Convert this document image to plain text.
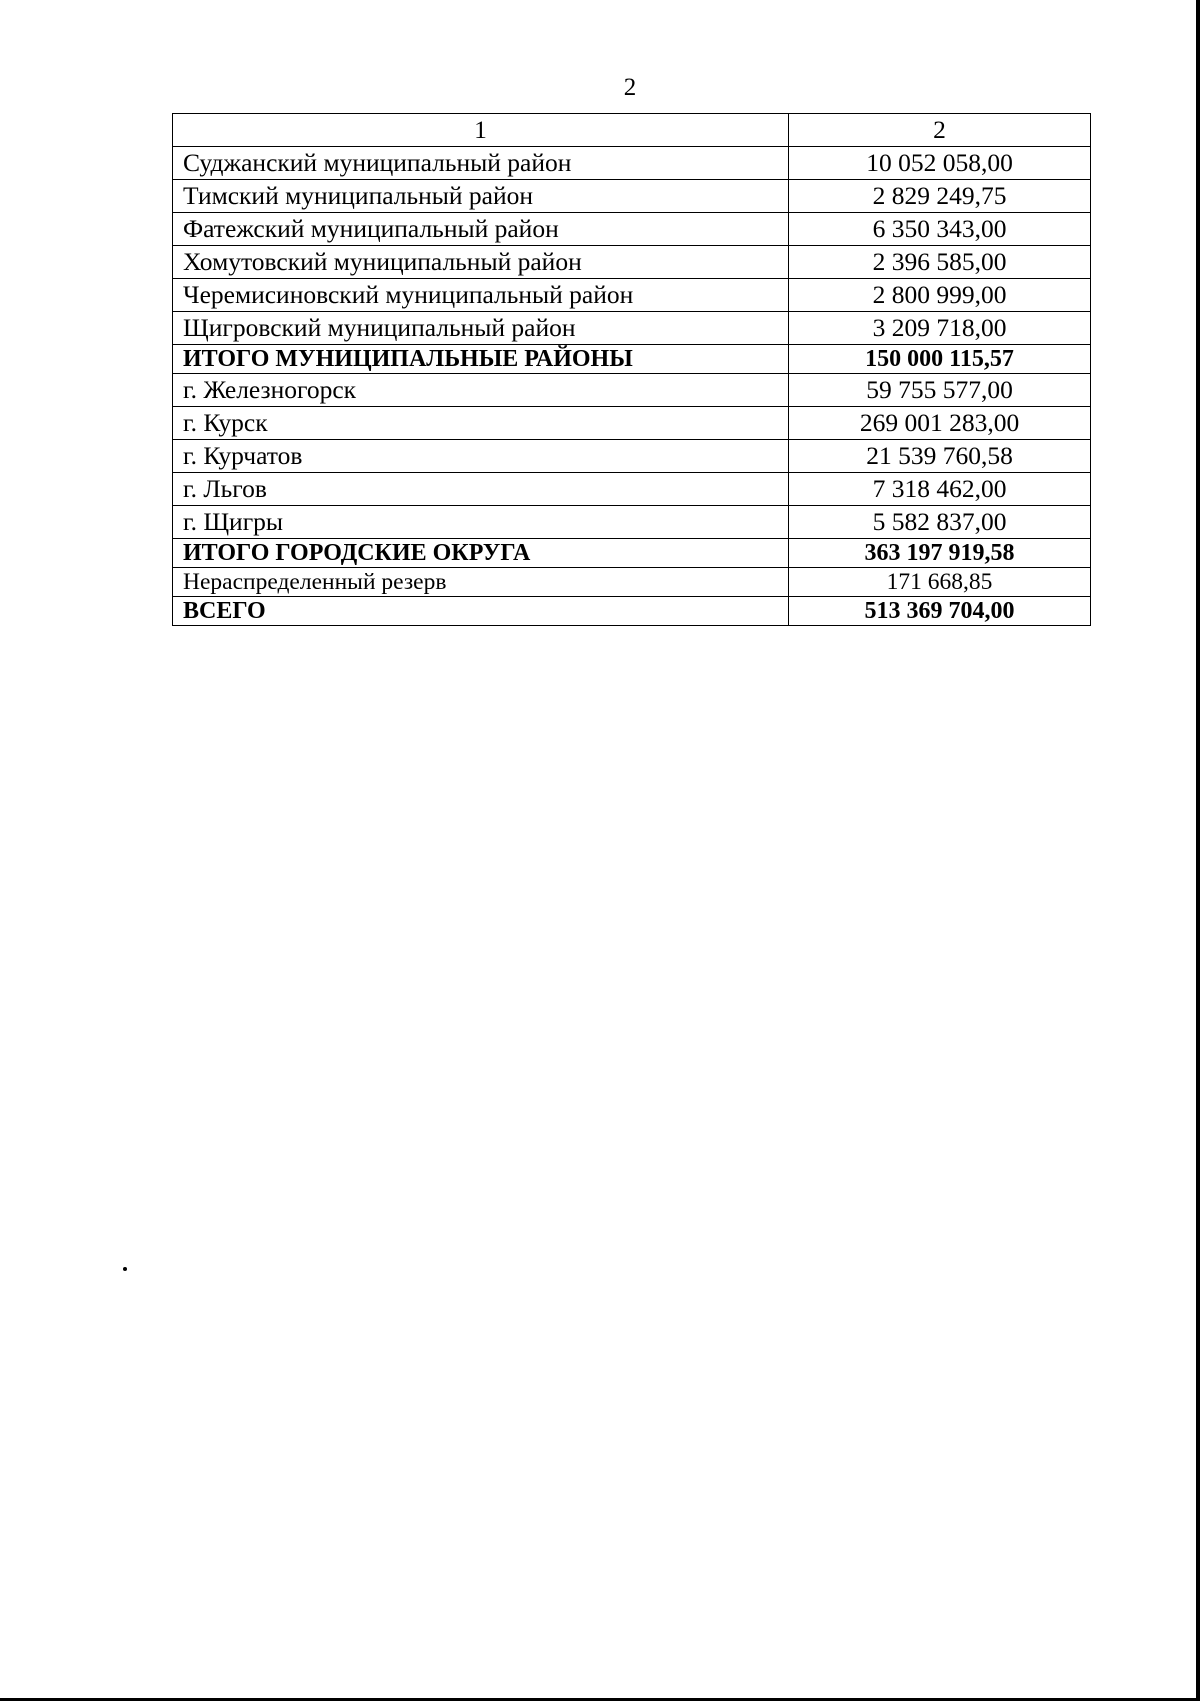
2
1	2
Суджанский муниципальный район	10 052 058,00
Тимский муниципальный район	2 829 249,75
Фатежский муниципальный район	6 350 343,00
Хомутовский муниципальный район	2 396 585,00
Черемисиновский муниципальный район	2 800 999,00
Щигровский муниципальный район	3 209 718,00
ИТОГО МУНИЦИПАЛЬНЫЕ РАЙОНЫ	150 000 115,57
г. Железногорск	59 755 577,00
г. Курск	269 001 283,00
г. Курчатов	21 539 760,58
г. Льгов	7 318 462,00
г. Щигры	5 582 837,00
ИТОГО ГОРОДСКИЕ ОКРУГА	363 197 919,58
Нераспределенный резерв	171 668,85
ВСЕГО	513 369 704,00
